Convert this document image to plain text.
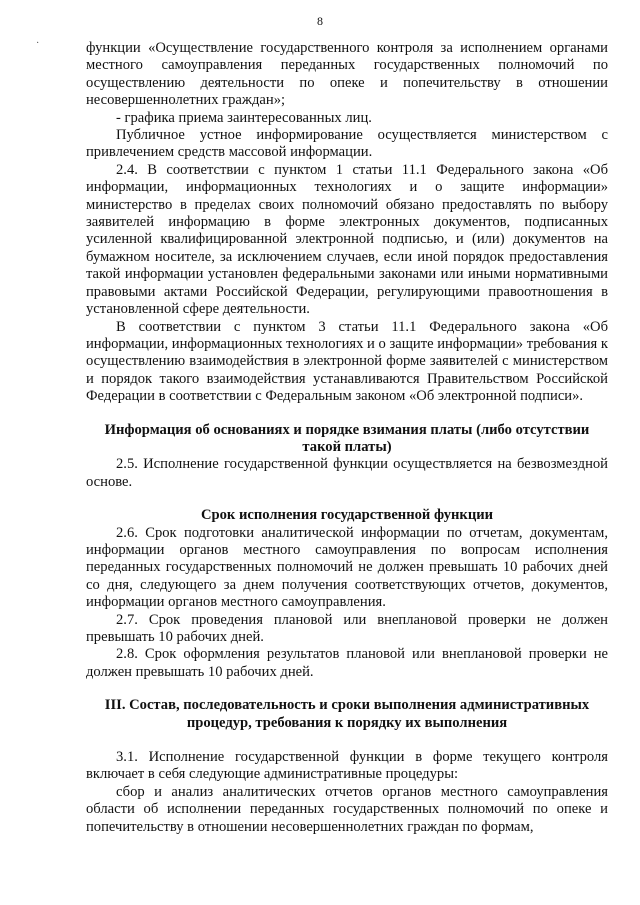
8
·	функции «Осуществление государственного контроля за исполнением органами местного самоуправления переданных государственных полномочий по осуществлению деятельности по опеке и попечительству в отношении несовершеннолетних граждан»;

- графика приема заинтересованных лиц.

Публичное устное информирование осуществляется министерством с привлечением средств массовой информации.

2.4. В соответствии с пунктом 1 статьи 11.1 Федерального закона «Об информации, информационных технологиях и о защите информации» министерство в пределах своих полномочий обязано предоставлять по выбору заявителей информацию в форме электронных документов, подписанных усиленной квалифицированной электронной подписью, и (или) документов на бумажном носителе, за исключением случаев, если иной порядок предоставления такой информации установлен федеральными законами или иными нормативными правовыми актами Российской Федерации, регулирующими правоотношения в установленной сфере деятельности.

В соответствии с пунктом 3 статьи 11.1 Федерального закона «Об информации, информационных технологиях и о защите информации» требования к осуществлению взаимодействия в электронной форме заявителей с министерством и порядок такого взаимодействия устанавливаются Правительством Российской Федерации в соответствии с Федеральным законом «Об электронной подписи».

Информация об основаниях и порядке взимания платы (либо отсутствии такой платы)

2.5. Исполнение государственной функции осуществляется на безвозмездной основе.

Срок исполнения государственной функции

2.6. Срок подготовки аналитической информации по отчетам, документам, информации органов местного самоуправления по вопросам исполнения переданных государственных полномочий не должен превышать 10 рабочих дней со дня, следующего за днем получения соответствующих отчетов, документов, информации органов местного самоуправления.

2.7. Срок проведения плановой или внеплановой проверки не должен превышать 10 рабочих дней.

2.8. Срок оформления результатов плановой или внеплановой проверки не должен превышать 10 рабочих дней.

III. Состав, последовательность и сроки выполнения административных процедур, требования к порядку их выполнения

3.1. Исполнение государственной функции в форме текущего контроля включает в себя следующие административные процедуры:

сбор и анализ аналитических отчетов органов местного самоуправления области об исполнении переданных государственных полномочий по опеке и попечительству в отношении несовершеннолетних граждан по формам,
